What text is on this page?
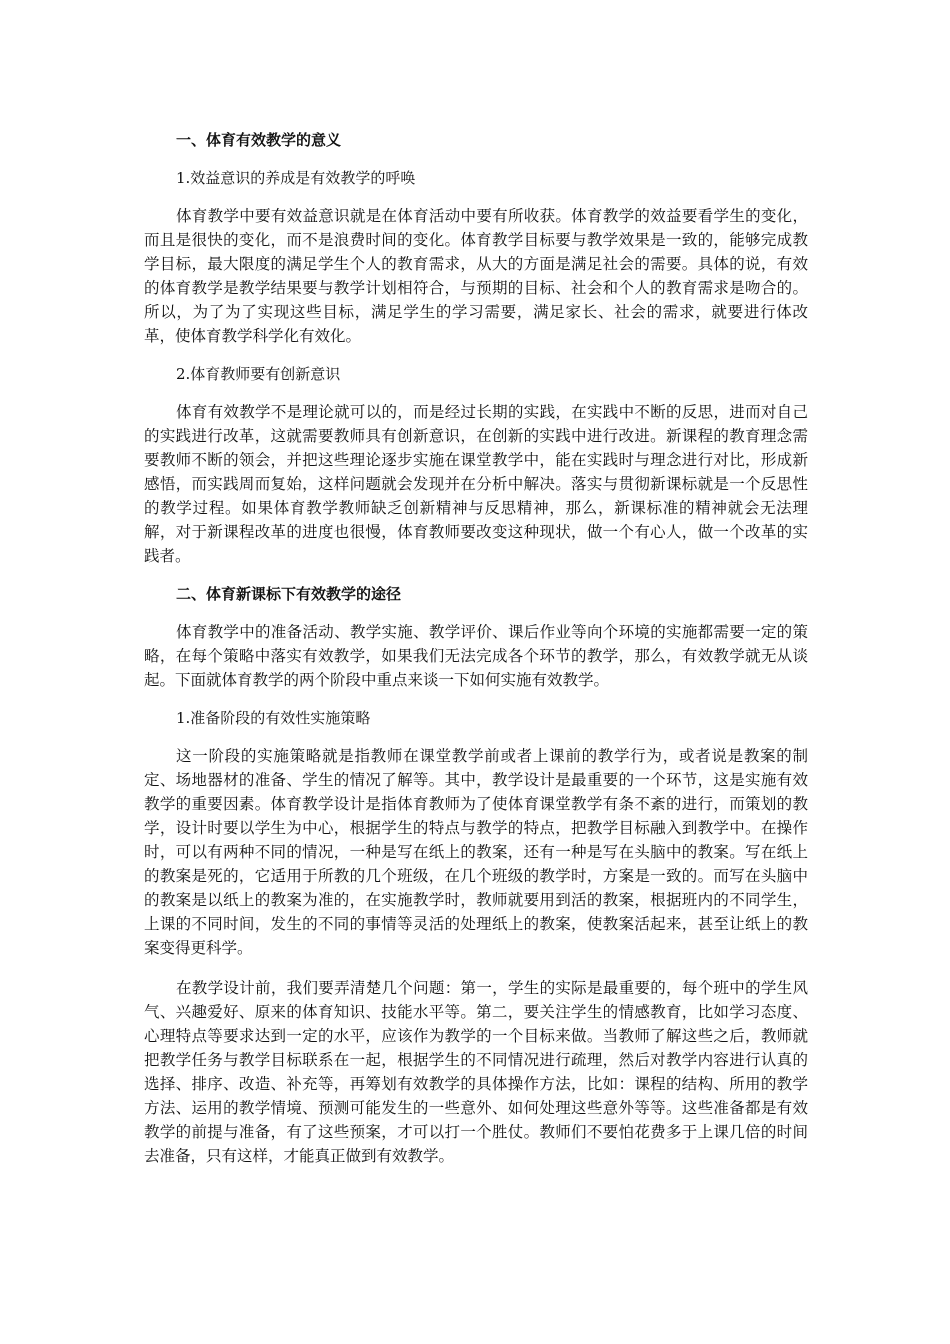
一、体育有效教学的意义
1.效益意识的养成是有效教学的呼唤

体育教学中要有效益意识就是在体育活动中要有所收获。体育教学的效益要看学生的变化，而且是很快的变化，而不是浪费时间的变化。体育教学目标要与教学效果是一致的，能够完成教学目标，最大限度的满足学生个人的教育需求，从大的方面是满足社会的需要。具体的说，有效的体育教学是教学结果要与教学计划相符合，与预期的目标、社会和个人的教育需求是吻合的。所以，为了为了实现这些目标，满足学生的学习需要，满足家长、社会的需求，就要进行体改革，使体育教学科学化有效化。

2.体育教师要有创新意识

体育有效教学不是理论就可以的，而是经过长期的实践，在实践中不断的反思，进而对自己的实践进行改革，这就需要教师具有创新意识，在创新的实践中进行改进。新课程的教育理念需要教师不断的领会，并把这些理论逐步实施在课堂教学中，能在实践时与理念进行对比，形成新感悟，而实践周而复始，这样问题就会发现并在分析中解决。落实与贯彻新课标就是一个反思性的教学过程。如果体育教学教师缺乏创新精神与反思精神，那么，新课标准的精神就会无法理解，对于新课程改革的进度也很慢，体育教师要改变这种现状，做一个有心人，做一个改革的实践者。

二、体育新课标下有效教学的途径

体育教学中的准备活动、教学实施、教学评价、课后作业等向个环境的实施都需要一定的策略，在每个策略中落实有效教学，如果我们无法完成各个环节的教学，那么，有效教学就无从谈起。下面就体育教学的两个阶段中重点来谈一下如何实施有效教学。

1.准备阶段的有效性实施策略

这一阶段的实施策略就是指教师在课堂教学前或者上课前的教学行为，或者说是教案的制定、场地器材的准备、学生的情况了解等。其中，教学设计是最重要的一个环节，这是实施有效教学的重要因素。体育教学设计是指体育教师为了使体育课堂教学有条不紊的进行，而策划的教学，设计时要以学生为中心，根据学生的特点与教学的特点，把教学目标融入到教学中。在操作时，可以有两种不同的情况，一种是写在纸上的教案，还有一种是写在头脑中的教案。写在纸上的教案是死的，它适用于所教的几个班级，在几个班级的教学时，方案是一致的。而写在头脑中的教案是以纸上的教案为准的，在实施教学时，教师就要用到活的教案，根据班内的不同学生，上课的不同时间，发生的不同的事情等灵活的处理纸上的教案，使教案活起来，甚至让纸上的教案变得更科学。

在教学设计前，我们要弄清楚几个问题：第一，学生的实际是最重要的，每个班中的学生风气、兴趣爱好、原来的体育知识、技能水平等。第二，要关注学生的情感教育，比如学习态度、心理特点等要求达到一定的水平，应该作为教学的一个目标来做。当教师了解这些之后，教师就把教学任务与教学目标联系在一起，根据学生的不同情况进行疏理，然后对教学内容进行认真的选择、排序、改造、补充等，再筹划有效教学的具体操作方法，比如：课程的结构、所用的教学方法、运用的教学情境、预测可能发生的一些意外、如何处理这些意外等等。这些准备都是有效教学的前提与准备，有了这些预案，才可以打一个胜仗。教师们不要怕花费多于上课几倍的时间去准备，只有这样，才能真正做到有效教学。
